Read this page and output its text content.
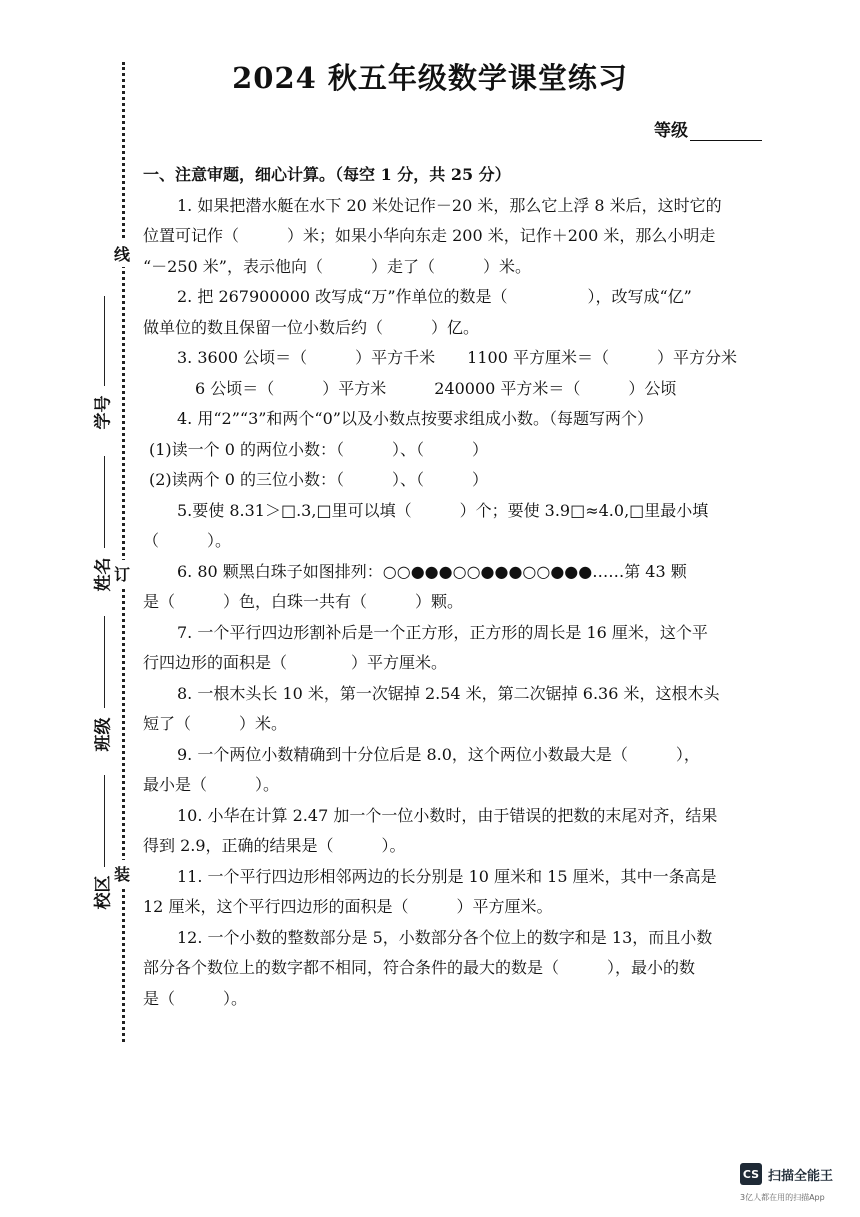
线
订
装
学号
姓名
班级
校区
2024 秋五年级数学课堂练习
等级
一、注意审题，细心计算。（每空 1 分，共 25 分）
1. 如果把潜水艇在水下 20 米处记作－20 米，那么它上浮 8 米后，这时它的
位置可记作（　　　）米；如果小华向东走 200 米，记作＋200 米，那么小明走
“－250 米”，表示他向（　　　）走了（　　　）米。
2. 把 267900000 改写成“万”作单位的数是（　　　　　），改写成“亿”
做单位的数且保留一位小数后约（　　　）亿。
3. 3600 公顷＝（　　　）平方千米　　1100 平方厘米＝（　　　）平方分米
6 公顷＝（　　　）平方米　　　240000 平方米＝（　　　）公顷
4. 用“2”“3”和两个“0”以及小数点按要求组成小数。（每题写两个）
(1)读一个 0 的两位小数：（　　　）、（　　　）
(2)读两个 0 的三位小数：（　　　）、（　　　）
5.要使 8.31＞□.3,□里可以填（　　　）个；要使 3.9□≈4.0,□里最小填
（　　　）。
6. 80 颗黑白珠子如图排列：○○●●●○○●●●○○●●●……第 43 颗
是（　　　）色，白珠一共有（　　　）颗。
7. 一个平行四边形割补后是一个正方形，正方形的周长是 16 厘米，这个平
行四边形的面积是（　　　　）平方厘米。
8. 一根木头长 10 米，第一次锯掉 2.54 米，第二次锯掉 6.36 米，这根木头
短了（　　　）米。
9. 一个两位小数精确到十分位后是 8.0，这个两位小数最大是（　　　），
最小是（　　　）。
10. 小华在计算 2.47 加一个一位小数时，由于错误的把数的末尾对齐，结果
得到 2.9，正确的结果是（　　　）。
11. 一个平行四边形相邻两边的长分别是 10 厘米和 15 厘米，其中一条高是
12 厘米，这个平行四边形的面积是（　　　）平方厘米。
12. 一个小数的整数部分是 5，小数部分各个位上的数字和是 13，而且小数
部分各个数位上的数字都不相同，符合条件的最大的数是（　　　），最小的数
是（　　　）。
CS 扫描全能王
3亿人都在用的扫描App
